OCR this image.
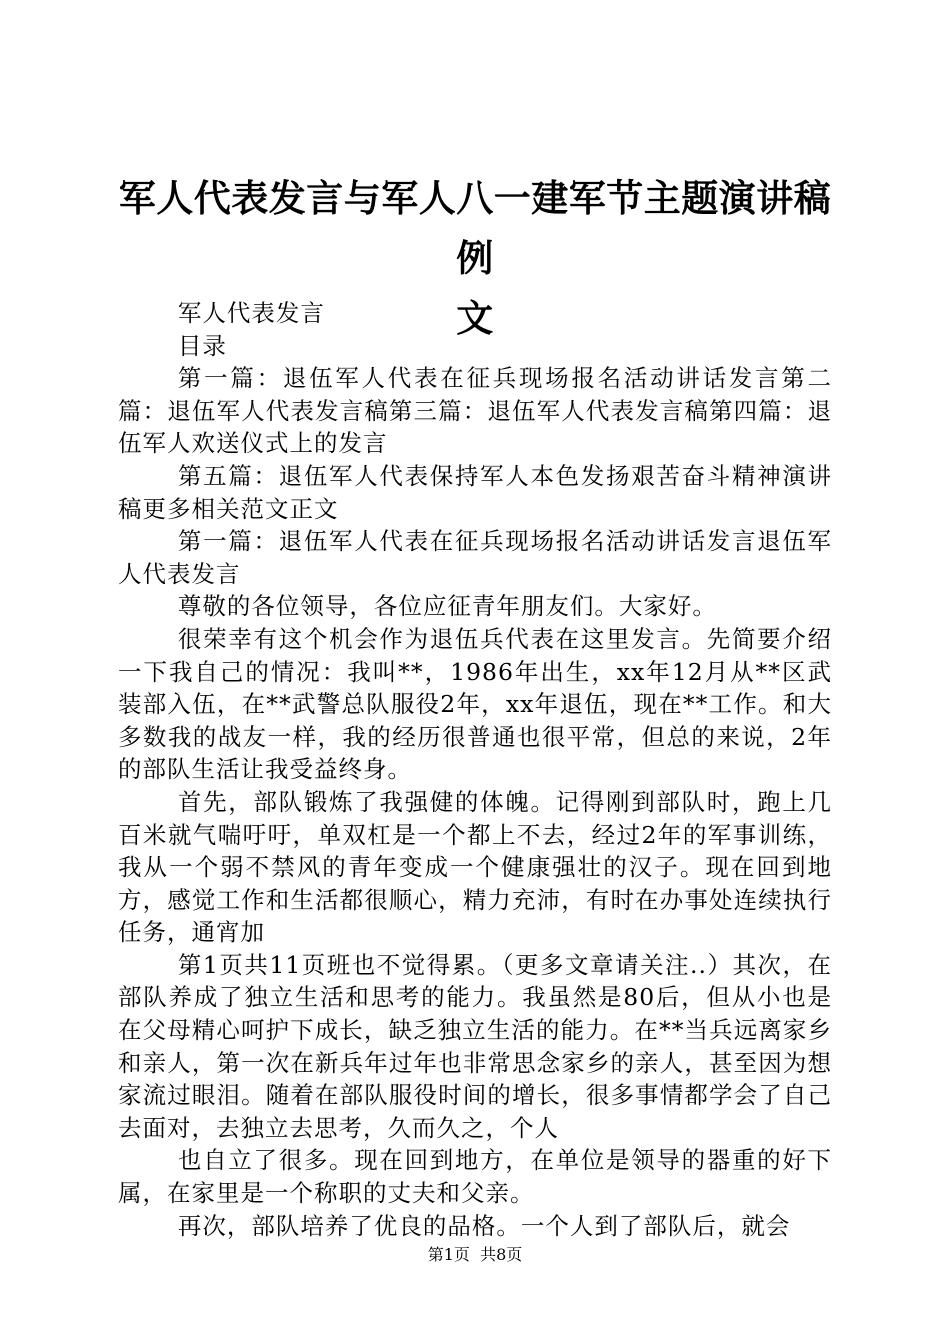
军人代表发言与军人八一建军节主题演讲稿例
文

军人代表发言

目录

第一篇：退伍军人代表在征兵现场报名活动讲话发言第二篇：退伍军人代表发言稿第三篇：退伍军人代表发言稿第四篇：退伍军人欢送仪式上的发言

第五篇：退伍军人代表保持军人本色发扬艰苦奋斗精神演讲稿更多相关范文正文

第一篇：退伍军人代表在征兵现场报名活动讲话发言退伍军人代表发言

尊敬的各位领导，各位应征青年朋友们。大家好。

很荣幸有这个机会作为退伍兵代表在这里发言。先简要介绍一下我自己的情况：我叫**，1986年出生，xx年12月从**区武装部入伍，在**武警总队服役2年，xx年退伍，现在**工作。和大多数我的战友一样，我的经历很普通也很平常，但总的来说，2年的部队生活让我受益终身。

首先，部队锻炼了我强健的体魄。记得刚到部队时，跑上几百米就气喘吁吁，单双杠是一个都上不去，经过2年的军事训练，我从一个弱不禁风的青年变成一个健康强壮的汉子。现在回到地方，感觉工作和生活都很顺心，精力充沛，有时在办事处连续执行任务，通宵加

第1页共11页班也不觉得累。（更多文章请关注..）其次，在部队养成了独立生活和思考的能力。我虽然是80后，但从小也是在父母精心呵护下成长，缺乏独立生活的能力。在**当兵远离家乡和亲人，第一次在新兵年过年也非常思念家乡的亲人，甚至因为想家流过眼泪。随着在部队服役时间的增长，很多事情都学会了自己去面对，去独立去思考，久而久之，个人

也自立了很多。现在回到地方，在单位是领导的器重的好下属，在家里是一个称职的丈夫和父亲。

再次，部队培养了优良的品格。一个人到了部队后，就会

第1页  共8页
